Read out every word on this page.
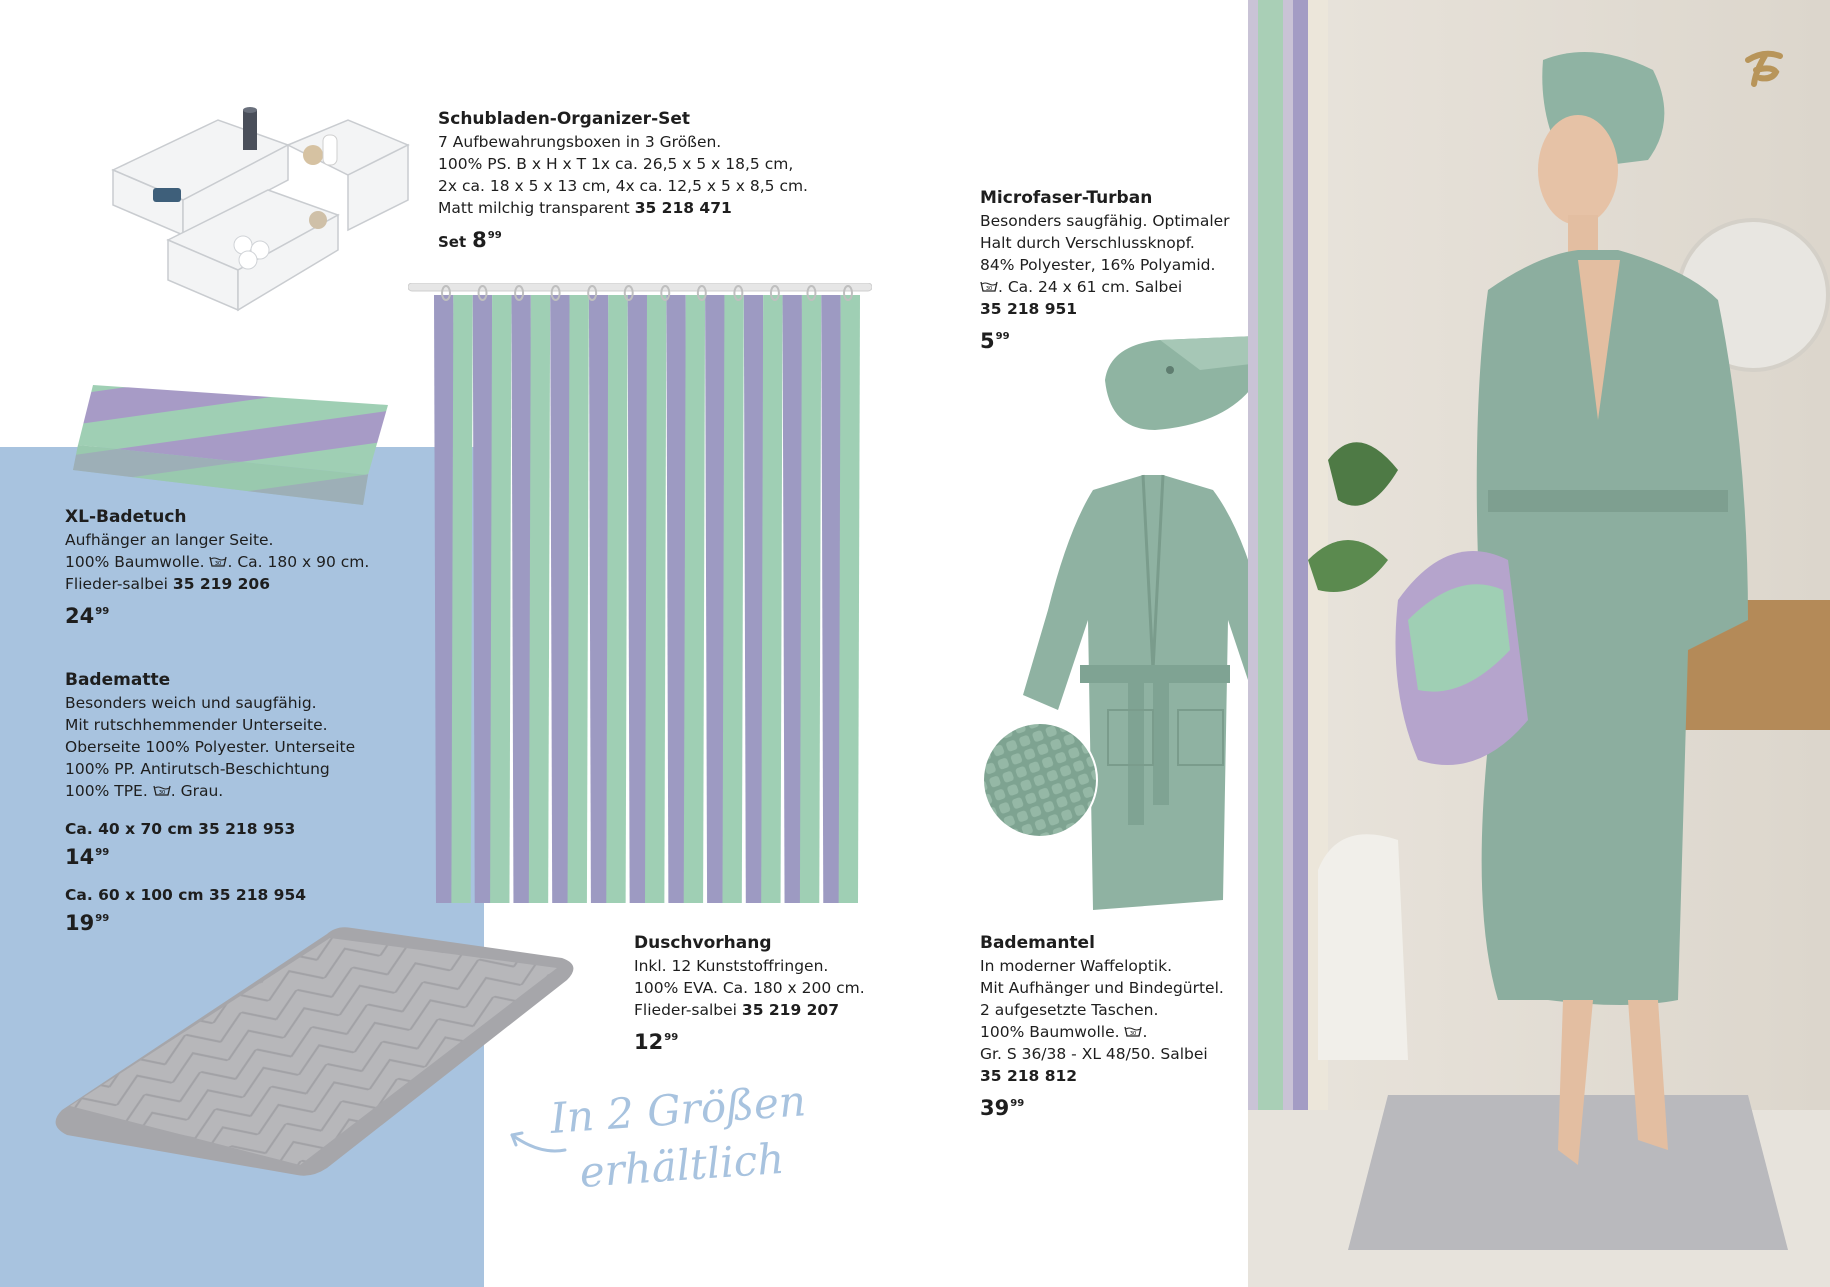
Schubladen-Organizer-Set
7 Aufbewahrungsboxen in 3 Größen.
100% PS. B x H x T 1x ca. 26,5 x 5 x 18,5 cm,
2x ca. 18 x 5 x 13 cm, 4x ca. 12,5 x 5 x 8,5 cm.
Matt milchig transparent 35 218 471
Set $8^{99}$
XL-Badetuch
Aufhänger an langer Seite.
100% Baumwolle. 30 . Ca. 180 x 90 cm.
Flieder-salbei 35 219 206
$24^{99}$
Badematte
Besonders weich und saugfähig.
Mit rutschhemmender Unterseite.
Oberseite 100% Polyester. Unterseite
100% PP. Antirutsch-Beschichtung
100% TPE. 30 . Grau.
Ca. 40 x 70 cm 35 218 953
$14^{99}$
Ca. 60 x 100 cm 35 218 954
$19^{99}$
Duschvorhang
Inkl. 12 Kunststoffringen.
100% EVA. Ca. 180 x 200 cm.
Flieder-salbei 35 219 207
$12^{99}$
In 2 Größen
erhältlich
Microfaser-Turban
Besonders saugfähig. Optimaler
Halt durch Verschlussknopf.
84% Polyester, 16% Polyamid.
30 . Ca. 24 x 61 cm. Salbei
35 218 951
$5^{99}$
Bademantel
In moderner Waffeloptik.
Mit Aufhänger und Bindegürtel.
2 aufgesetzte Taschen.
100% Baumwolle. 30 .
Gr. S 36/38 - XL 48/50. Salbei
35 218 812
$39^{99}$
